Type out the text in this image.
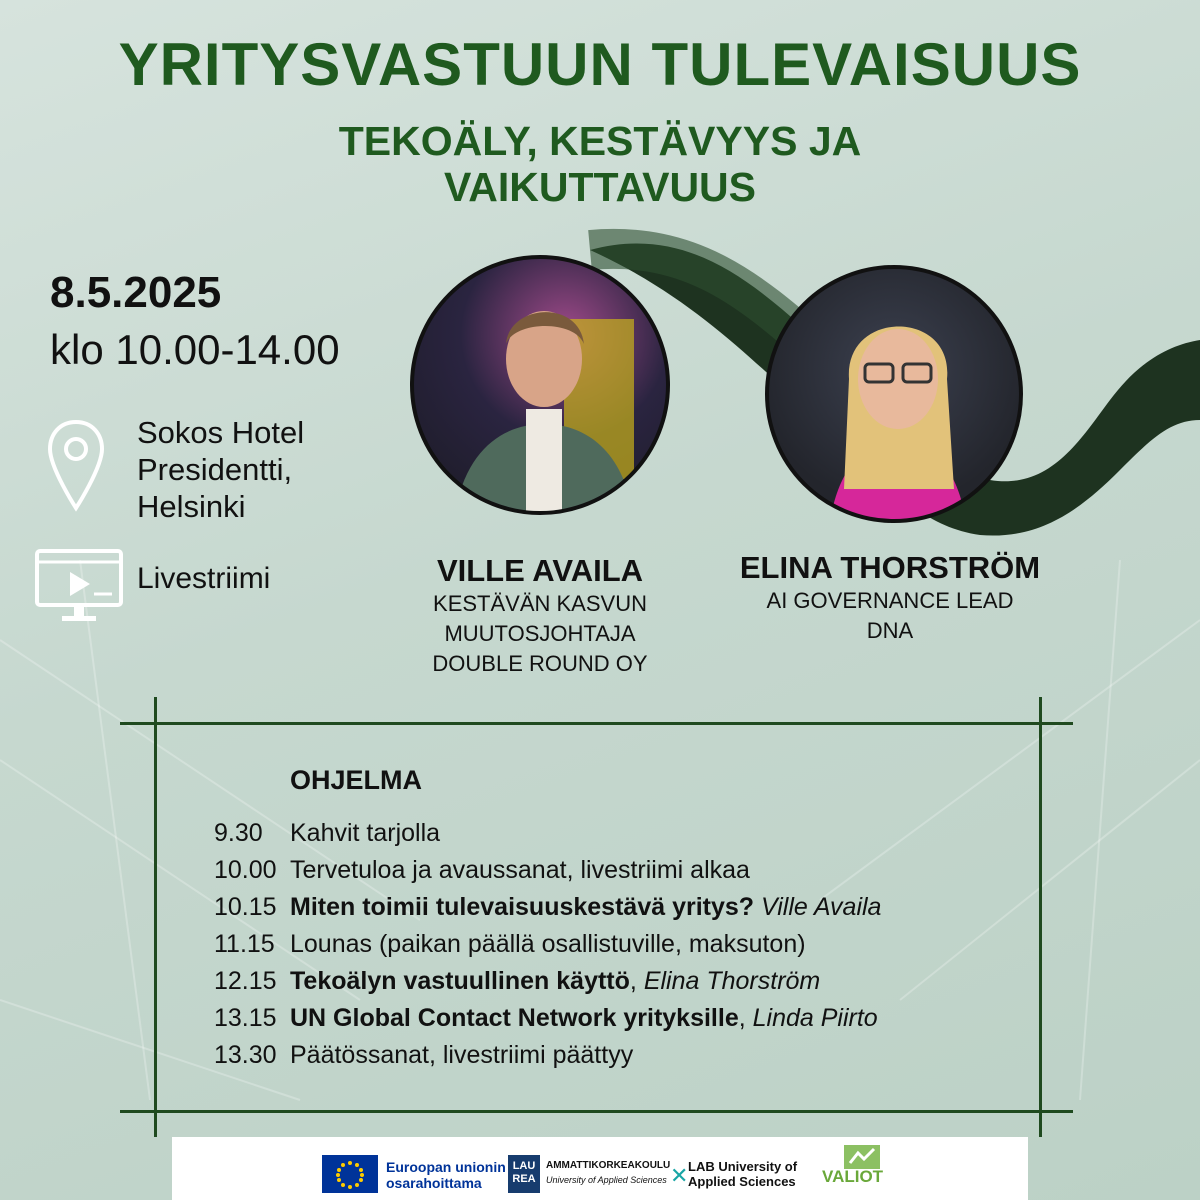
YRITYSVASTUUN TULEVAISUUS
TEKOÄLY, KESTÄVYYS JA
VAIKUTTAVUUS
8.5.2025
klo 10.00-14.00
Sokos Hotel
Presidentti,
Helsinki
Livestriimi	VILLE AVAILA
KESTÄVÄN KASVUN
MUUTOSJOHTAJA
DOUBLE ROUND OY
ELINA THORSTRÖM
AI GOVERNANCE LEAD
DNA
OHJELMA
9.30	Kahvit tarjolla
10.00 Tervetuloa ja avaussanat, livestriimi alkaa
10.15 Miten toimii tulevaisuuskestävä yritys?
Ville Availa
11.15 Lounas (paikan päällä osallistuville, maksuton)
12.15 Tekoälyn vastuullinen käyttö , Elina Thorström
13.15 UN Global Contact Network yrityksille , Linda Piirto
13.30 Päätössanat, livestriimi päättyy
Euroopan unionin
osarahoittama
LAU
REA
AMMATTIKORKEAKOULU
University of Applied Sciences ✕ LAB University of
Applied Sciences VALIOT
